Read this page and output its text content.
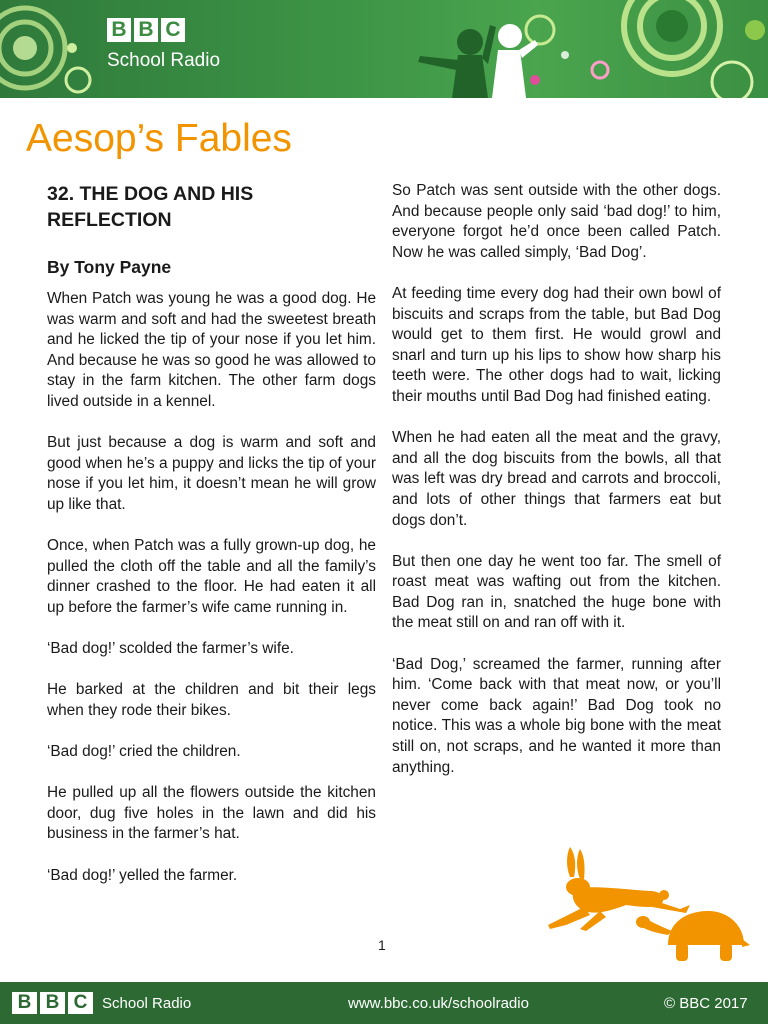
B B C
School Radio
Aesop’s Fables
32. THE DOG AND HIS REFLECTION
By Tony Payne

When Patch was young he was a good dog. He was warm and soft and had the sweetest breath and he licked the tip of your nose if you let him. And because he was so good he was allowed to stay in the farm kitchen. The other farm dogs lived outside in a kennel.

But just because a dog is warm and soft and good when he’s a puppy and licks the tip of your nose if you let him, it doesn’t mean he will grow up like that.

Once, when Patch was a fully grown-up dog, he pulled the cloth off the table and all the family’s dinner crashed to the floor. He had eaten it all up before the farmer’s wife came running in.

‘Bad dog!’ scolded the farmer’s wife.

He barked at the children and bit their legs when they rode their bikes.

‘Bad dog!’ cried the children.

He pulled up all the flowers outside the kitchen door, dug five holes in the lawn and did his business in the farmer’s hat.

‘Bad dog!’ yelled the farmer.

So Patch was sent outside with the other dogs. And because people only said ‘bad dog!’ to him, everyone forgot he’d once been called Patch. Now he was called simply, ‘Bad Dog’.

At feeding time every dog had their own bowl of biscuits and scraps from the table, but Bad Dog would get to them first. He would growl and snarl and turn up his lips to show how sharp his teeth were. The other dogs had to wait, licking their mouths until Bad Dog had finished eating.

When he had eaten all the meat and the gravy, and all the dog biscuits from the bowls, all that was left was dry bread and carrots and broccoli, and lots of other things that farmers eat but dogs don’t.

But then one day he went too far. The smell of roast meat was wafting out from the kitchen. Bad Dog ran in, snatched the huge bone with the meat still on and ran off with it.

‘Bad Dog,’ screamed the farmer, running after him. ‘Come back with that meat now, or you’ll never come back again!’ Bad Dog took no notice. This was a whole big bone with the meat still on, not scraps, and he wanted it more than anything.

1
B B C School Radio	www.bbc.co.uk/schoolradio	© BBC 2017
